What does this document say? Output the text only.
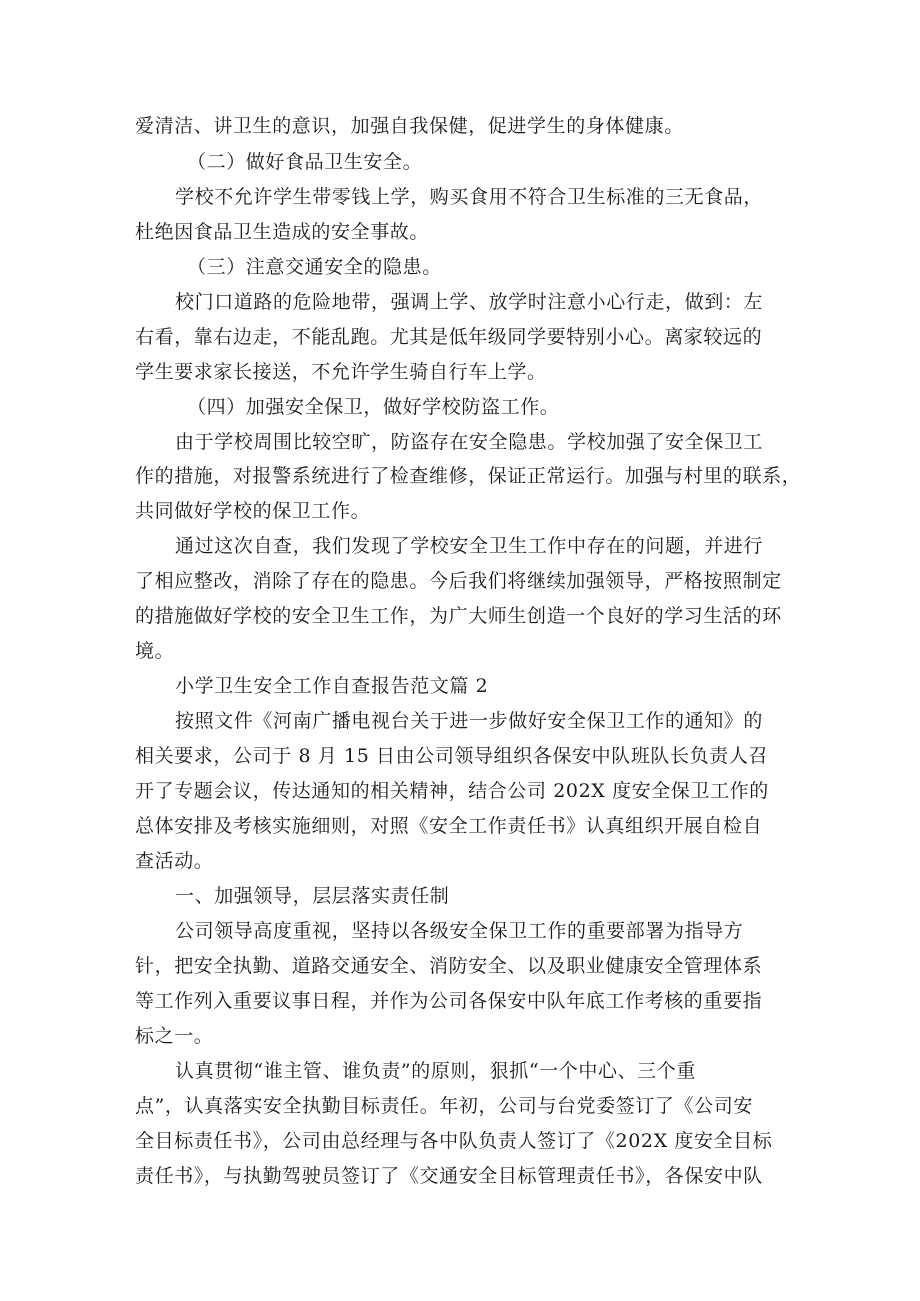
爱清洁、讲卫生的意识，加强自我保健，促进学生的身体健康。
（二）做好食品卫生安全。
学校不允许学生带零钱上学，购买食用不符合卫生标准的三无食品，
杜绝因食品卫生造成的安全事故。
（三）注意交通安全的隐患。
校门口道路的危险地带，强调上学、放学时注意小心行走，做到：左
右看，靠右边走，不能乱跑。尤其是低年级同学要特别小心。离家较远的
学生要求家长接送，不允许学生骑自行车上学。
（四）加强安全保卫，做好学校防盗工作。
由于学校周围比较空旷，防盗存在安全隐患。学校加强了安全保卫工
作的措施，对报警系统进行了检查维修，保证正常运行。加强与村里的联系，
共同做好学校的保卫工作。
通过这次自查，我们发现了学校安全卫生工作中存在的问题，并进行
了相应整改，消除了存在的隐患。今后我们将继续加强领导，严格按照制定
的措施做好学校的安全卫生工作，为广大师生创造一个良好的学习生活的环
境。
小学卫生安全工作自查报告范文篇 2
按照文件《河南广播电视台关于进一步做好安全保卫工作的通知》的
相关要求，公司于 8 月 15 日由公司领导组织各保安中队班队长负责人召
开了专题会议，传达通知的相关精神，结合公司 202X 度安全保卫工作的
总体安排及考核实施细则，对照《安全工作责任书》认真组织开展自检自
查活动。
一、加强领导，层层落实责任制
公司领导高度重视，坚持以各级安全保卫工作的重要部署为指导方
针，把安全执勤、道路交通安全、消防安全、以及职业健康安全管理体系
等工作列入重要议事日程，并作为公司各保安中队年底工作考核的重要指
标之一。
认真贯彻“谁主管、谁负责”的原则，狠抓“一个中心、三个重
点”，认真落实安全执勤目标责任。年初，公司与台党委签订了《公司安
全目标责任书》，公司由总经理与各中队负责人签订了《202X 度安全目标
责任书》，与执勤驾驶员签订了《交通安全目标管理责任书》，各保安中队
